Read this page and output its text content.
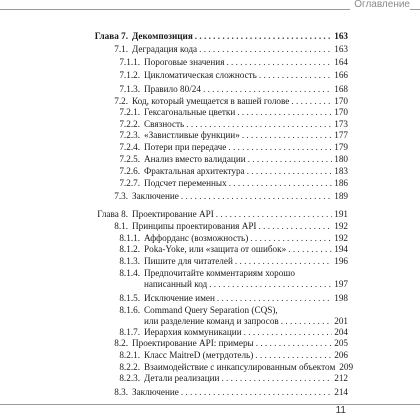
Оглавление
Глава 7. Декомпозиция . . .	163
7.1. Деградация кода . . .	163
7.1.1. Пороговые значения . . .	164
7.1.2. Цикломатическая сложность . . .	166
7.1.3. Правило 80/24 . . .	168
7.2. Код, который умещается в вашей голове . . .	170
7.2.1. Гексагональные цветки . . .	170
7.2.2. Связность . . .	173
7.2.3. «Завистливые функции» . . .	177
7.2.4. Потери при передаче . . .	179
7.2.5. Анализ вместо валидации . . .	180
7.2.6. Фрактальная архитектура . . .	183
7.2.7. Подсчет переменных . . .	186
7.3. Заключение . . .	189
Глава 8. Проектирование API . . .	191
8.1. Принципы проектирования API . . .	192
8.1.1. Аффорданс (возможность) . . .	192
8.1.2. Poka-Yoke, или «защита от ошибок» . . .	194
8.1.3. Пишите для читателей . . .	196
8.1.4. Предпочитайте комментариям хорошо
написанный код . . .	197
8.1.5. Исключение имен . . .	198
8.1.6. Command Query Separation (CQS),
или разделение команд и запросов . . .	201
8.1.7. Иерархия коммуникации . . .	204
8.2. Проектирование API: примеры . . .	205
8.2.1. Класс MaitreD (метрдотель) . . .	206
8.2.2. Взаимодействие с инкапсулированным объектом 209
8.2.3. Детали реализации . . .	212
8.3. Заключение . . .	214
11
